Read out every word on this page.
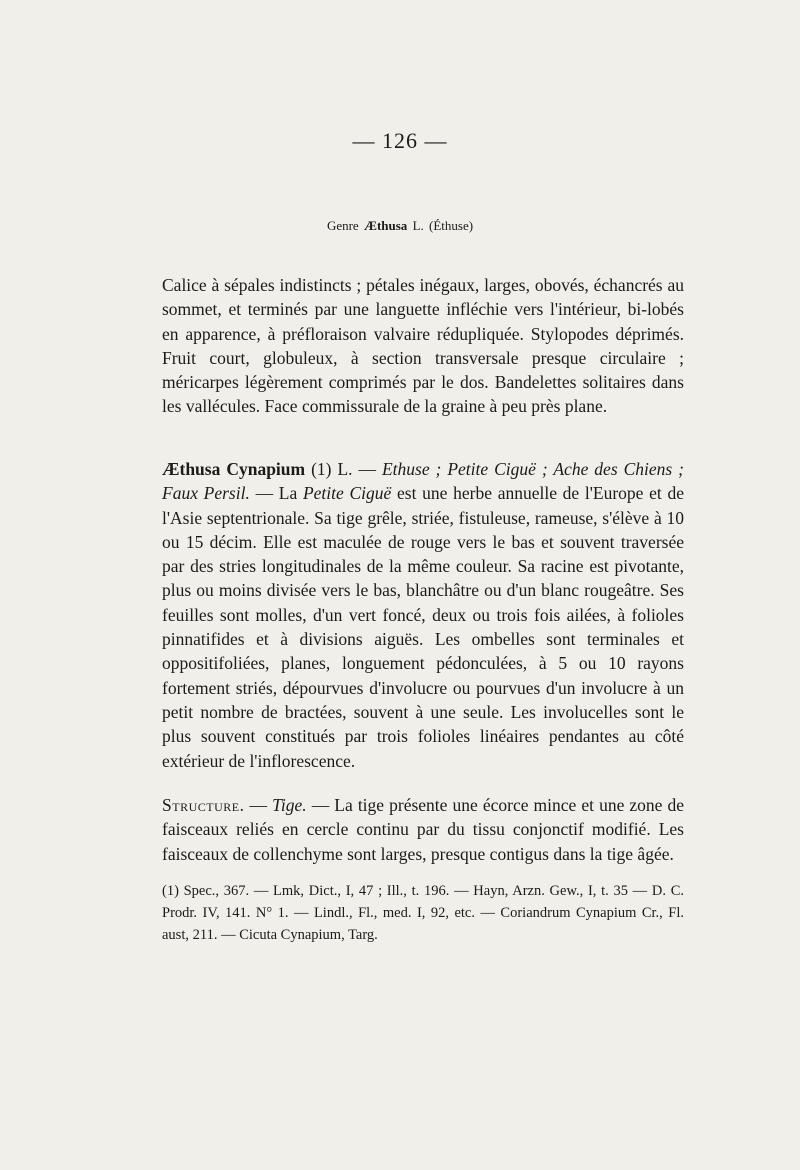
— 126 —
Genre Æthusa L. (Éthuse)

Calice à sépales indistincts ; pétales inégaux, larges, obovés, échancrés au sommet, et terminés par une languette infléchie vers l'intérieur, bi-lobés en apparence, à préfloraison valvaire rédupliquée. Stylopodes déprimés. Fruit court, globuleux, à section transversale presque circulaire ; méricarpes légèrement comprimés par le dos. Bandelettes solitaires dans les vallécules. Face commissurale de la graine à peu près plane.

Æthusa Cynapium (1) L. — Ethuse ; Petite Ciguë ; Ache des Chiens ; Faux Persil. — La Petite Ciguë est une herbe annuelle de l'Europe et de l'Asie septentrionale. Sa tige grêle, striée, fistuleuse, rameuse, s'élève à 10 ou 15 décim. Elle est maculée de rouge vers le bas et souvent traversée par des stries longitudinales de la même couleur. Sa racine est pivotante, plus ou moins divisée vers le bas, blanchâtre ou d'un blanc rougeâtre. Ses feuilles sont molles, d'un vert foncé, deux ou trois fois ailées, à folioles pinnatifides et à divisions aiguës. Les ombelles sont terminales et oppositifoliées, planes, longuement pédonculées, à 5 ou 10 rayons fortement striés, dépourvues d'involucre ou pourvues d'un involucre à un petit nombre de bractées, souvent à une seule. Les involucelles sont le plus souvent constitués par trois folioles linéaires pendantes au côté extérieur de l'inflorescence.

Structure. — Tige. — La tige présente une écorce mince et une zone de faisceaux reliés en cercle continu par du tissu conjonctif modifié. Les faisceaux de collenchyme sont larges, presque contigus dans la tige âgée.

(1) Spec., 367. — Lmk, Dict., I, 47 ; Ill., t. 196. — Hayn, Arzn. Gew., I, t. 35 — D. C. Prodr. IV, 141. N° 1. — Lindl., Fl., med. I, 92, etc. — Coriandrum Cynapium Cr., Fl. aust, 211. — Cicuta Cynapium, Targ.
